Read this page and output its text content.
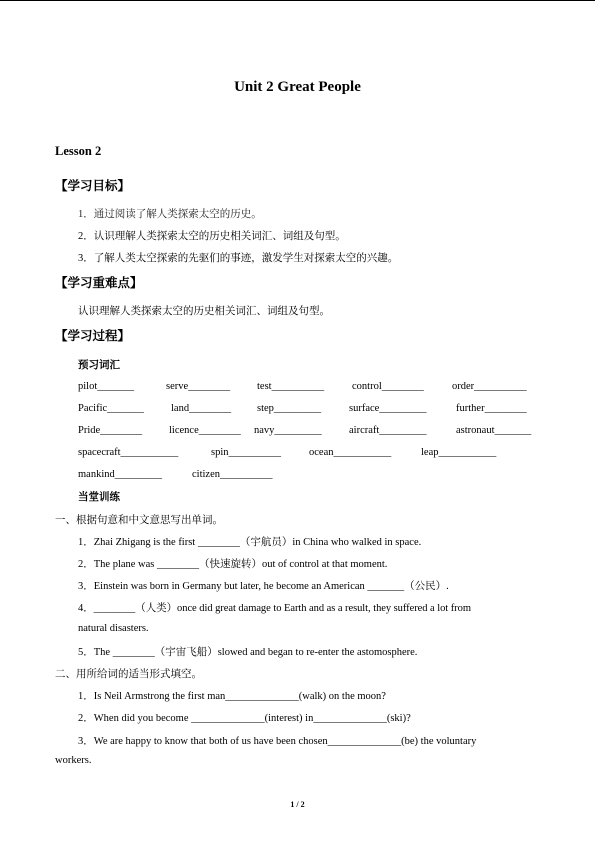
Unit 2 Great People
Lesson 2
【学习目标】
1．通过阅读了解人类探索太空的历史。
2．认识理解人类探索太空的历史相关词汇、词组及句型。
3．了解人类太空探索的先驱们的事迹，激发学生对探索太空的兴趣。
【学习重难点】
认识理解人类探索太空的历史相关词汇、词组及句型。
【学习过程】
预习词汇
pilot_______	serve________	test__________	control________	order__________
Pacific_______	land________ step_________	surface_________	further________
Pride________	licence________ navy_________	aircraft_________	astronaut_______
spacecraft___________	spin__________	ocean___________	leap___________
mankind_________	citizen__________
当堂训练
一、根据句意和中文意思写出单词。
1．Zhai Zhigang is the first ________（宇航员）in China who walked in space.
2．The plane was ________（快速旋转）out of control at that moment.
3．Einstein was born in Germany but later, he become an American _______（公民）.
4．________（人类）once did great damage to Earth and as a result, they suffered a lot from
natural disasters.
5．The ________（宇宙飞船）slowed and began to re-enter the astomosphere.
二、用所给词的适当形式填空。
1．Is Neil Armstrong the first man______________(walk) on the moon?
2．When did you become ______________(interest) in______________(ski)?
3．We are happy to know that both of us have been chosen______________(be) the voluntary
workers.
1 / 2
